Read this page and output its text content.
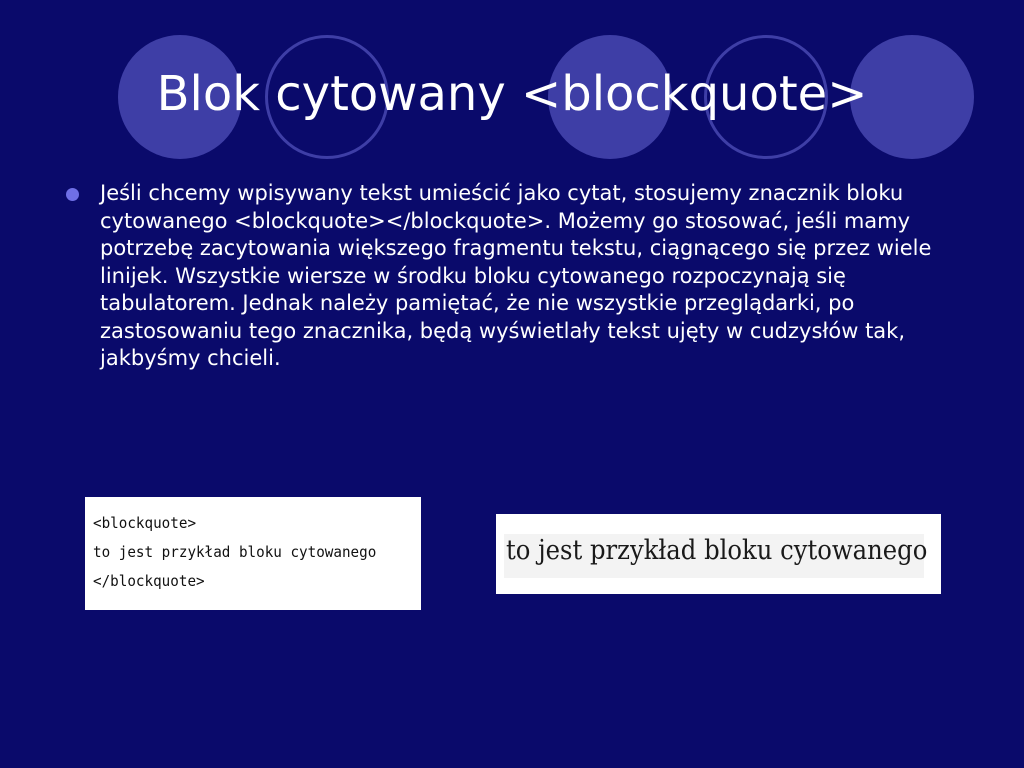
Blok cytowany <blockquote>
Jeśli chcemy wpisywany tekst umieścić jako cytat, stosujemy znacznik bloku cytowanego <blockquote></blockquote>. Możemy go stosować, jeśli mamy potrzebę zacytowania większego fragmentu tekstu, ciągnącego się przez wiele linijek. Wszystkie wiersze w środku bloku cytowanego rozpoczynają się tabulatorem. Jednak należy pamiętać, że nie wszystkie przeglądarki, po zastosowaniu tego znacznika, będą wyświetlały tekst ujęty w cudzysłów tak, jakbyśmy chcieli.
<blockquote>
to jest przykład bloku cytowanego
</blockquote>
to jest przykład bloku cytowanego
